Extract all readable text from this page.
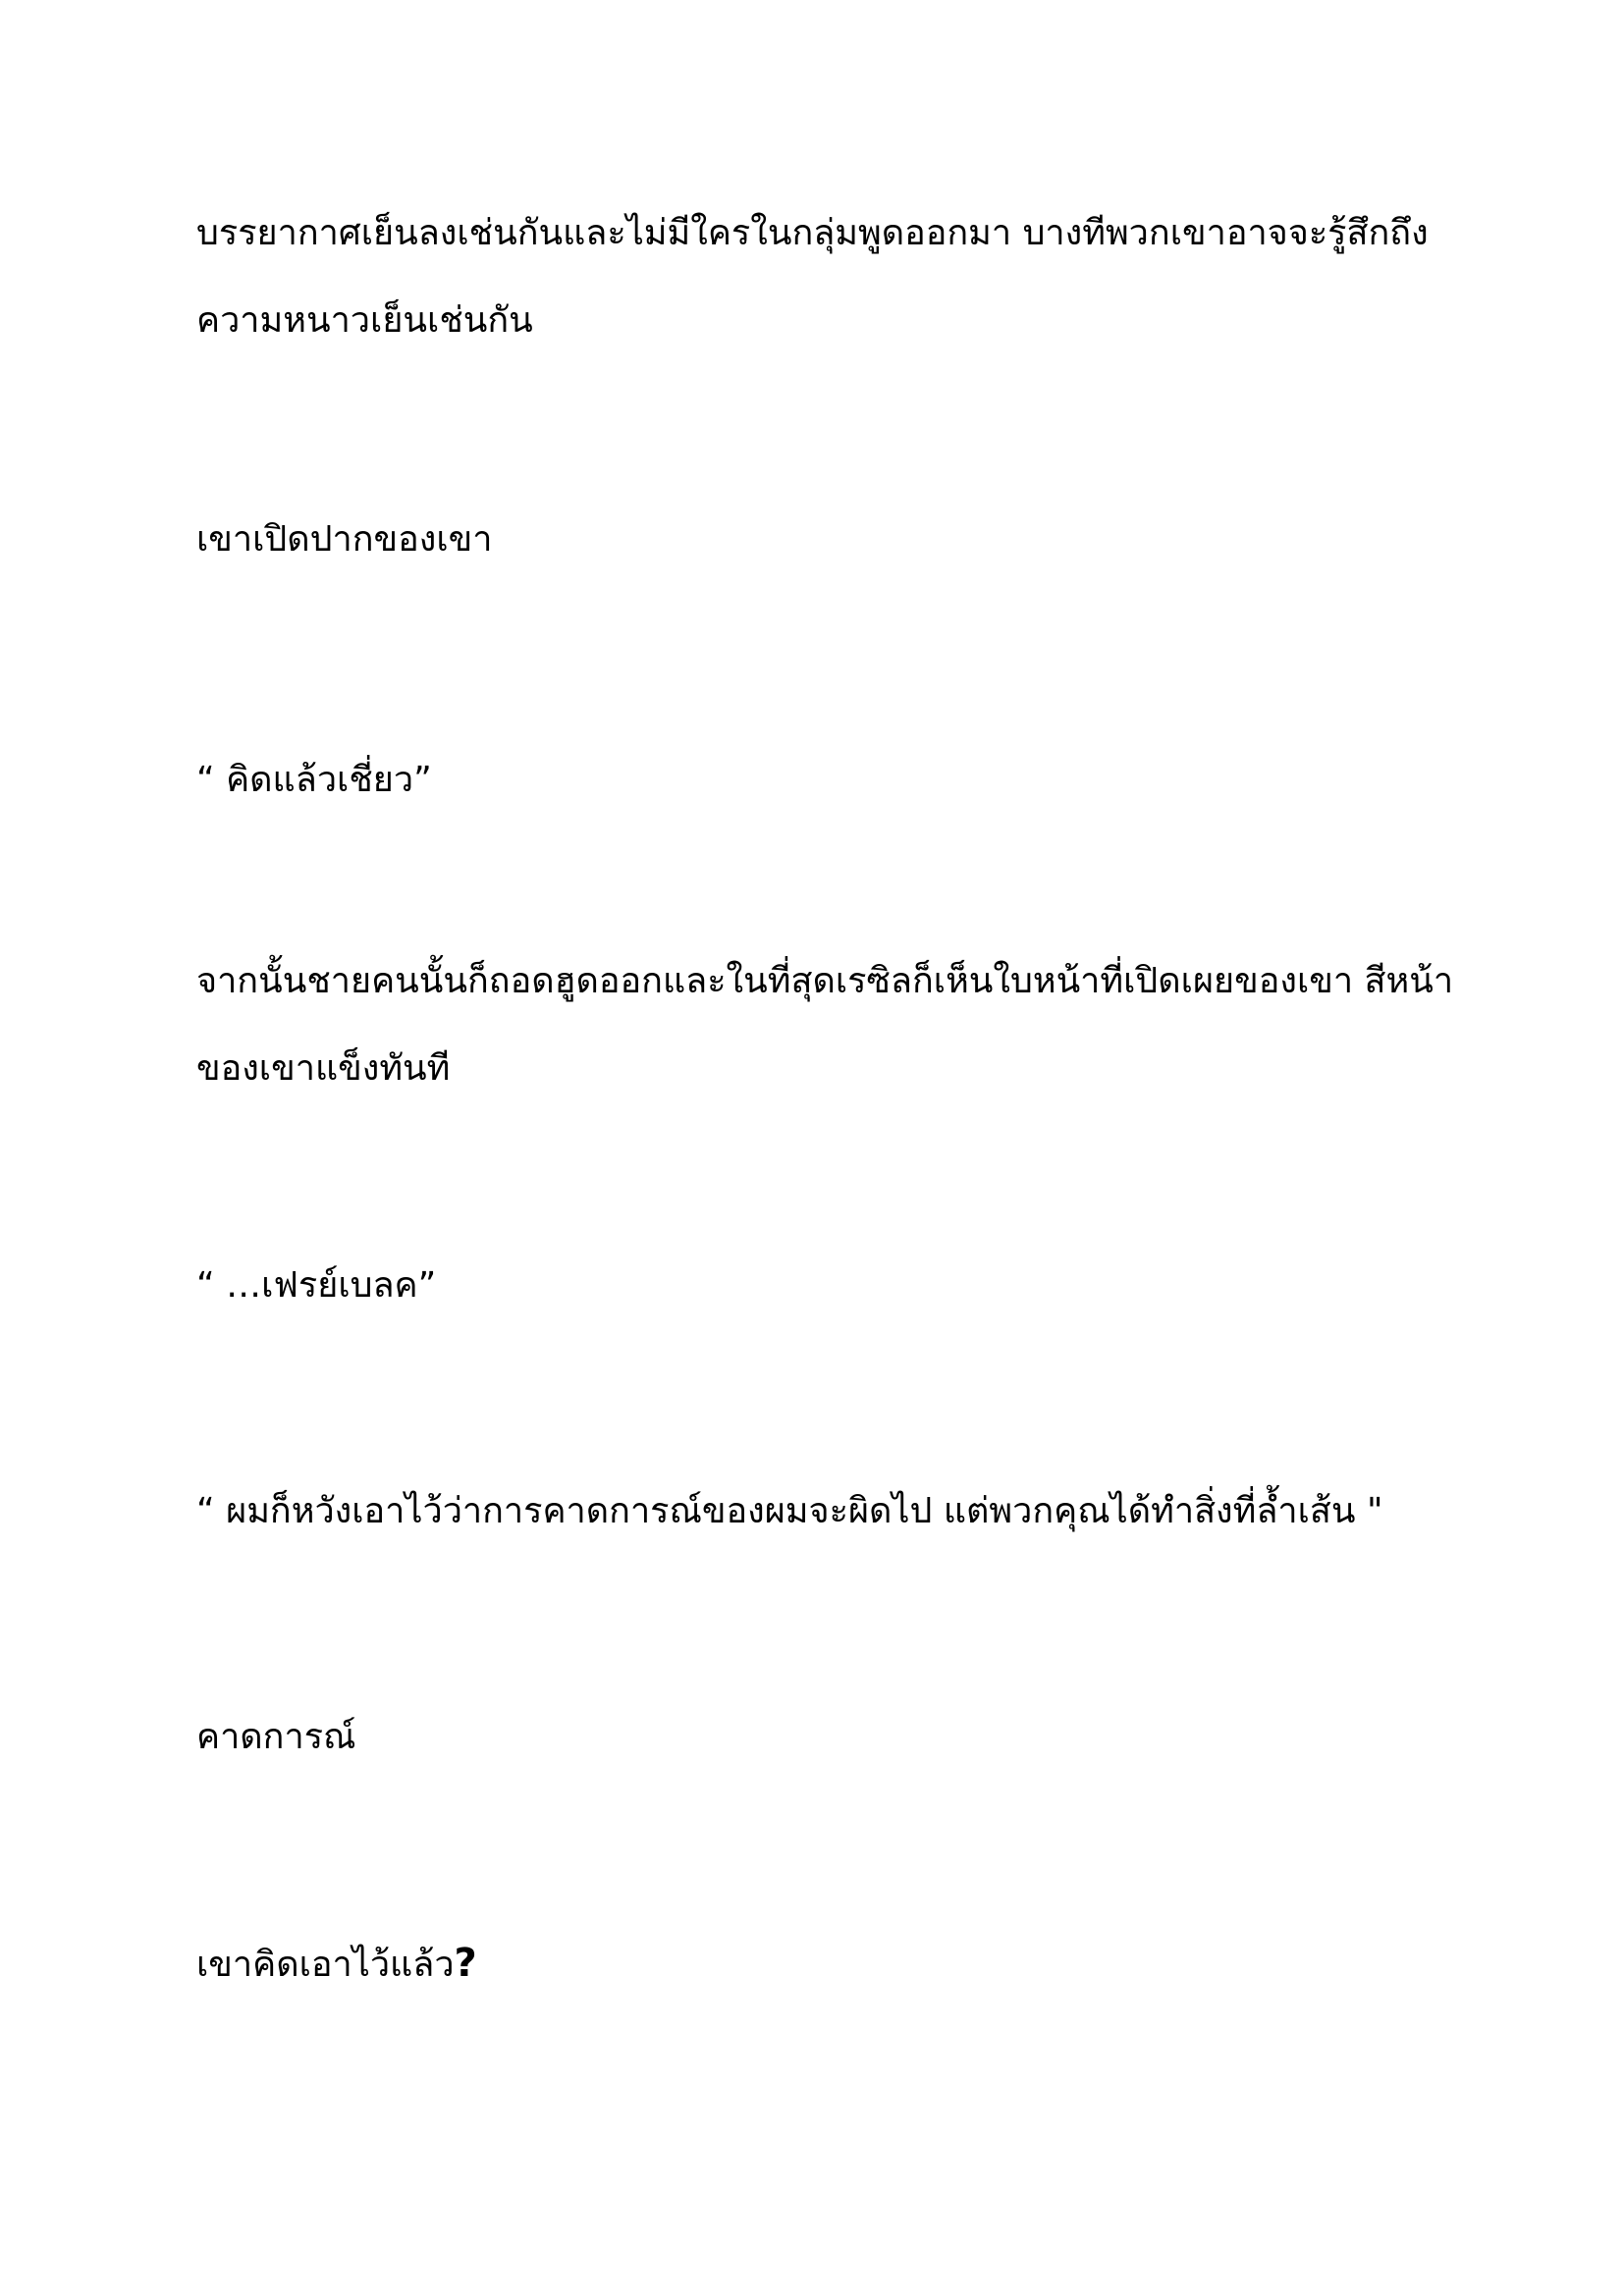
บรรยากาศเย็นลงเช่นกันและไม่มีใครในกลุ่มพูดออกมา บางทีพวกเขาอาจจะรู้สึกถึง

ความหนาวเย็นเช่นกัน

เขาเปิดปากของเขา

“ คิดแล้วเชี่ยว”

จากนั้นชายคนนั้นก็ถอดฮูดออกและในที่สุดเรซิลก็เห็นใบหน้าที่เปิดเผยของเขา สีหน้า

ของเขาแข็งทันที

“ …เฟรย์เบลค”

“ ผมก็หวังเอาไว้ว่าการคาดการณ์ของผมจะผิดไป แต่พวกคุณได้ทำสิ่งที่ล้ำเส้น "

คาดการณ์

เขาคิดเอาไว้แล้ว?
